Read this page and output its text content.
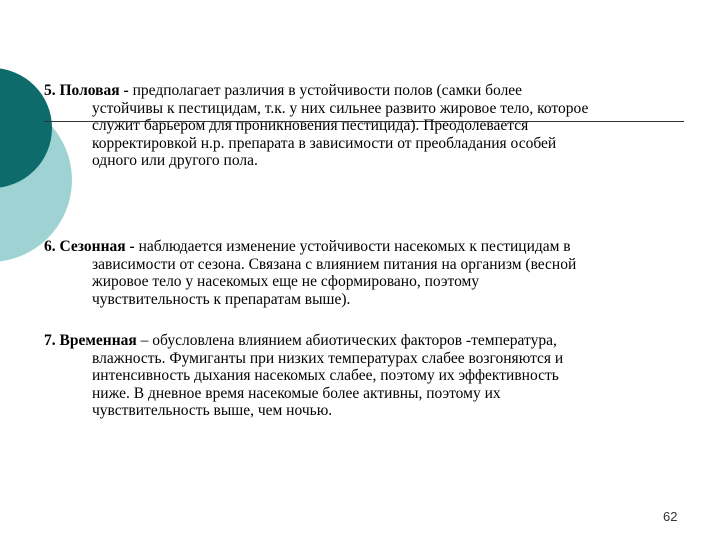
5. Половая - предполагает различия в устойчивости полов (самки более
устойчивы к пестицидам, т.к. у них сильнее развито жировое тело, которое
служит барьером для проникновения пестицида). Преодолевается
корректировкой н.р. препарата в зависимости от преобладания особей
одного или другого пола.
6. Сезонная - наблюдается изменение устойчивости насекомых к пестицидам в
зависимости от сезона. Связана с влиянием питания на организм (весной
жировое тело у насекомых еще не сформировано, поэтому
чувствительность к препаратам выше).
7. Временная – обусловлена влиянием абиотических факторов -температура,
влажность. Фумиганты при низких температурах слабее возгоняются и
интенсивность дыхания насекомых слабее, поэтому их эффективность
ниже. В дневное время насекомые более активны, поэтому их
чувствительность выше, чем ночью.
62
